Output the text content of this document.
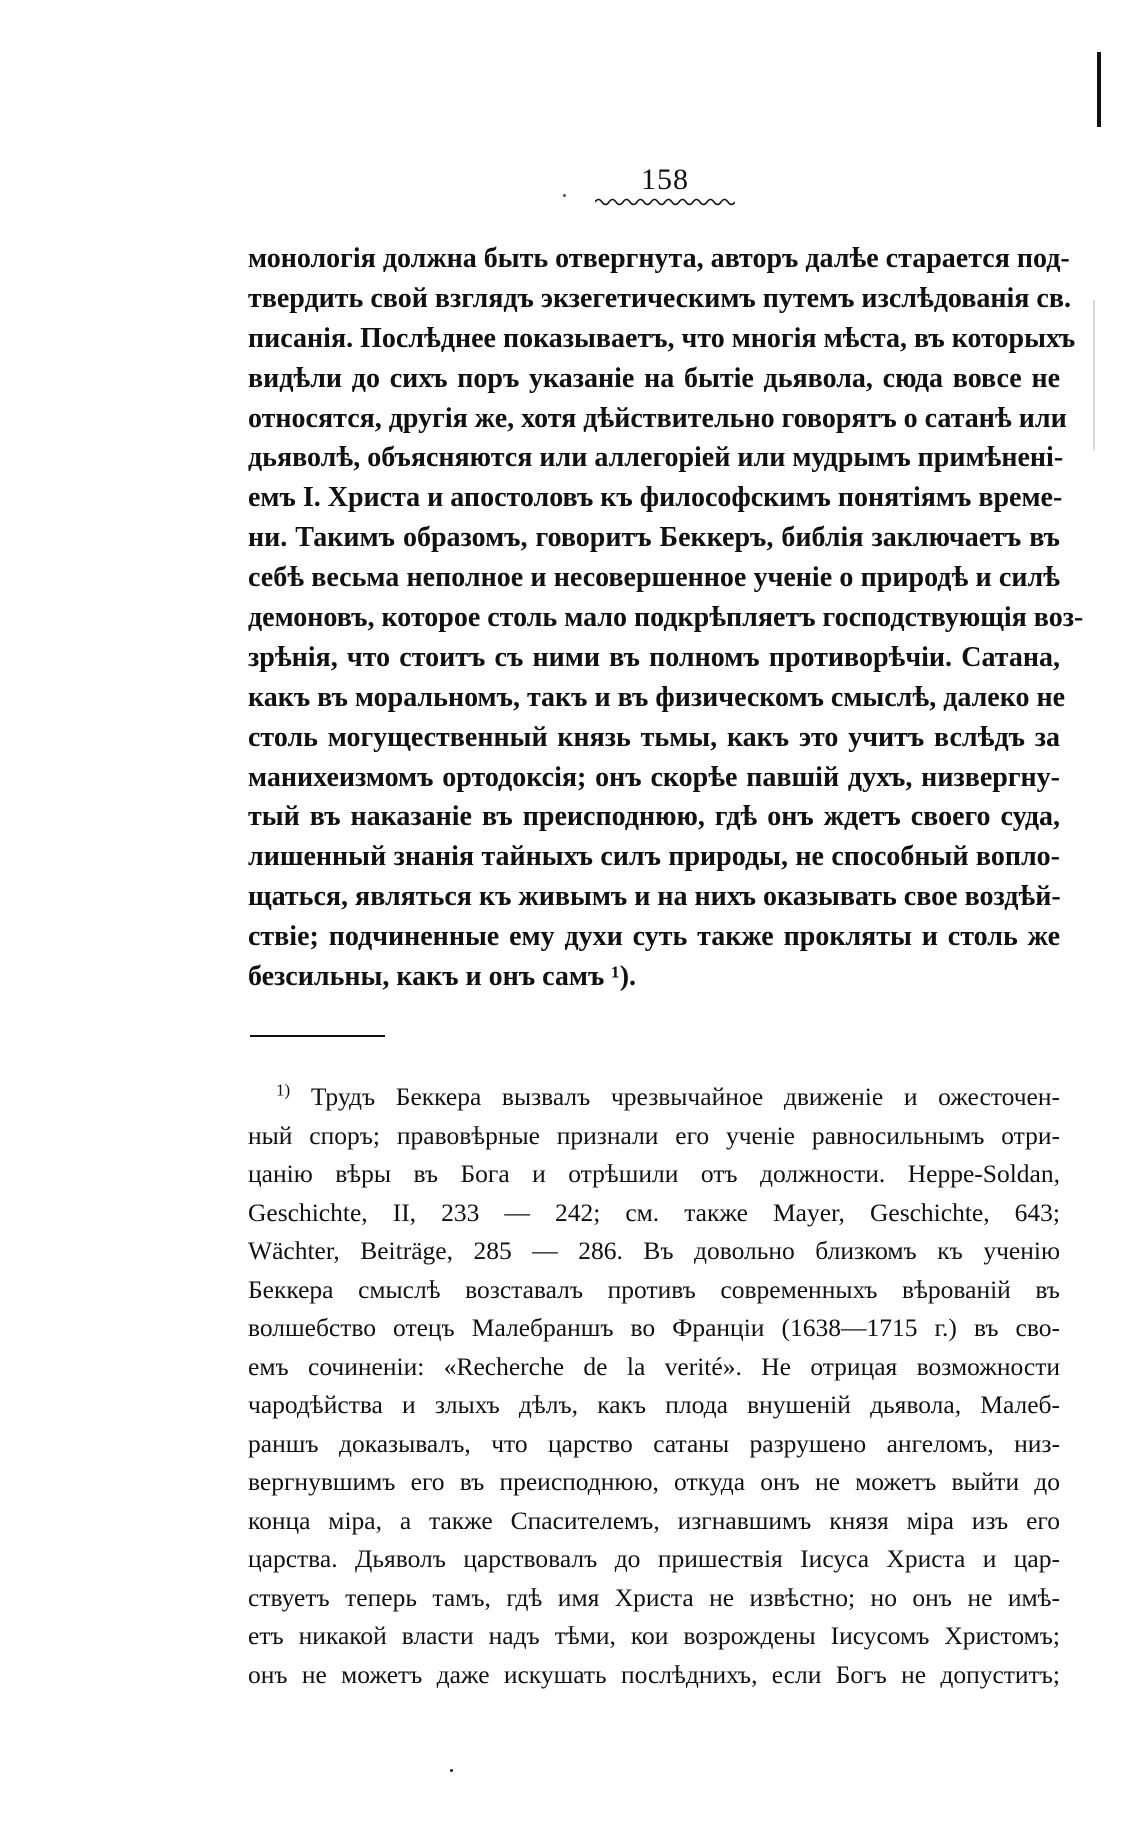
158
монологія должна быть отвергнута, авторъ далѣе старается под-
твердить свой взглядъ экзегетическимъ путемъ изслѣдованія св.
писанія. Послѣднее показываетъ, что многія мѣста, въ которыхъ
видѣли до сихъ поръ указаніе на бытіе дьявола, сюда вовсе не
относятся, другія же, хотя дѣйствительно говорятъ о сатанѣ или
дьяволѣ, объясняются или аллегоріей или мудрымъ примѣненi-
емъ І. Христа и апостоловъ къ философскимъ понятіямъ време-
ни. Такимъ образомъ, говоритъ Беккеръ, библія заключаетъ въ
себѣ весьма неполное и несовершенное ученіе о природѣ и силѣ
демоновъ, которое столь мало подкрѣпляетъ господствующія воз-
зрѣнія, что стоитъ съ ними въ полномъ противорѣчіи. Сатана,
какъ въ моральномъ, такъ и въ физическомъ смыслѣ, далеко не
столь могущественный князь тьмы, какъ это учитъ вслѣдъ за
манихеизмомъ ортодоксія; онъ скорѣе павшій духъ, низвергну-
тый въ наказаніе въ преисподнюю, гдѣ онъ ждетъ своего суда,
лишенный знанія тайныхъ силъ природы, не способный вопло-
щаться, являться къ живымъ и на нихъ оказывать свое воздѣй-
ствіе; подчиненные ему духи суть также прокляты и столь же
безсильны, какъ и онъ самъ ¹).
$^{1)}$ Трудъ Беккера вызвалъ чрезвычайное движеніе и ожесточен-
ный споръ; правовѣрные признали его ученіе равносильнымъ отри-
цанію вѣры въ Бога и отрѣшили отъ должности. Heppe-Soldan,
Geschichte, II, 233 — 242; см. также Mayer, Geschichte, 643;
Wächter, Beiträge, 285 — 286. Въ довольно близкомъ къ ученію
Беккера смыслѣ возставалъ противъ современныхъ вѣрованій въ
волшебство отецъ Малебраншъ во Франціи (1638—1715 г.) въ сво-
емъ сочиненіи: «Recherche de la verité». Не отрицая возможности
чародѣйства и злыхъ дѣлъ, какъ плода внушеній дьявола, Малеб-
раншъ доказывалъ, что царство сатаны разрушено ангеломъ, низ-
вергнувшимъ его въ преисподнюю, откуда онъ не можетъ выйти до
конца міра, а также Спасителемъ, изгнавшимъ князя міра изъ его
царства. Дьяволъ царствовалъ до пришествія Іисуса Христа и цар-
ствуетъ теперь тамъ, гдѣ имя Христа не извѣстно; но онъ не имѣ-
етъ никакой власти надъ тѣми, кои возрождены Іисусомъ Христомъ;
онъ не можетъ даже искушать послѣднихъ, если Богъ не допуститъ;
